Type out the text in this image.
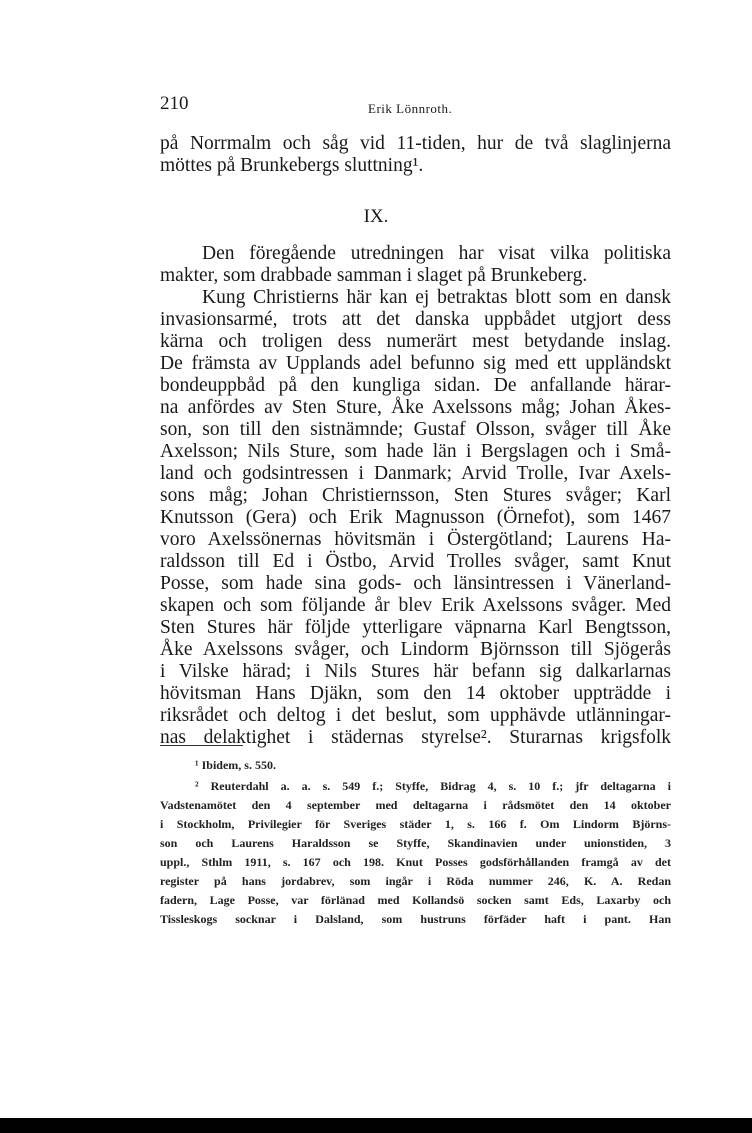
210	Erik Lönnroth.
på Norrmalm och såg vid 11-tiden, hur de två slaglinjerna
möttes på Brunkebergs sluttning¹.
IX.
Den föregående utredningen har visat vilka politiska
makter, som drabbade samman i slaget på Brunkeberg.
Kung Christierns här kan ej betraktas blott som en dansk
invasionsarmé, trots att det danska uppbådet utgjort dess
kärna och troligen dess numerärt mest betydande inslag.
De främsta av Upplands adel befunno sig med ett uppländskt
bondeuppbåd på den kungliga sidan. De anfallande härar-
na anfördes av Sten Sture, Åke Axelssons måg; Johan Åkes-
son, son till den sistnämnde; Gustaf Olsson, svåger till Åke
Axelsson; Nils Sture, som hade län i Bergslagen och i Små-
land och godsintressen i Danmark; Arvid Trolle, Ivar Axels-
sons måg; Johan Christiernsson, Sten Stures svåger; Karl
Knutsson (Gera) och Erik Magnusson (Örnefot), som 1467
voro Axelssönernas hövitsmän i Östergötland; Laurens Ha-
raldsson till Ed i Östbo, Arvid Trolles svåger, samt Knut
Posse, som hade sina gods- och länsintressen i Vänerland-
skapen och som följande år blev Erik Axelssons svåger. Med
Sten Stures här följde ytterligare väpnarna Karl Bengtsson,
Åke Axelssons svåger, och Lindorm Björnsson till Sjögerås
i Vilske härad; i Nils Stures här befann sig dalkarlarnas
hövitsman Hans Djäkn, som den 14 oktober uppträdde i
riksrådet och deltog i det beslut, som upphävde utlänningar-
nas delaktighet i städernas styrelse². Sturarnas krigsfolk
¹ Ibidem, s. 550.
² Reuterdahl a. a. s. 549 f.; Styffe, Bidrag 4, s. 10 f.; jfr deltagarna i
Vadstenamötet den 4 september med deltagarna i rådsmötet den 14 oktober
i Stockholm, Privilegier för Sveriges städer 1, s. 166 f. Om Lindorm Björns-
son och Laurens Haraldsson se Styffe, Skandinavien under unionstiden, 3
uppl., Sthlm 1911, s. 167 och 198. Knut Posses godsförhållanden framgå av det
register på hans jordabrev, som ingår i Röda nummer 246, K. A. Redan
fadern, Lage Posse, var förlänad med Kollandsö socken samt Eds, Laxarby och
Tissleskogs socknar i Dalsland, som hustruns förfäder haft i pant. Han
